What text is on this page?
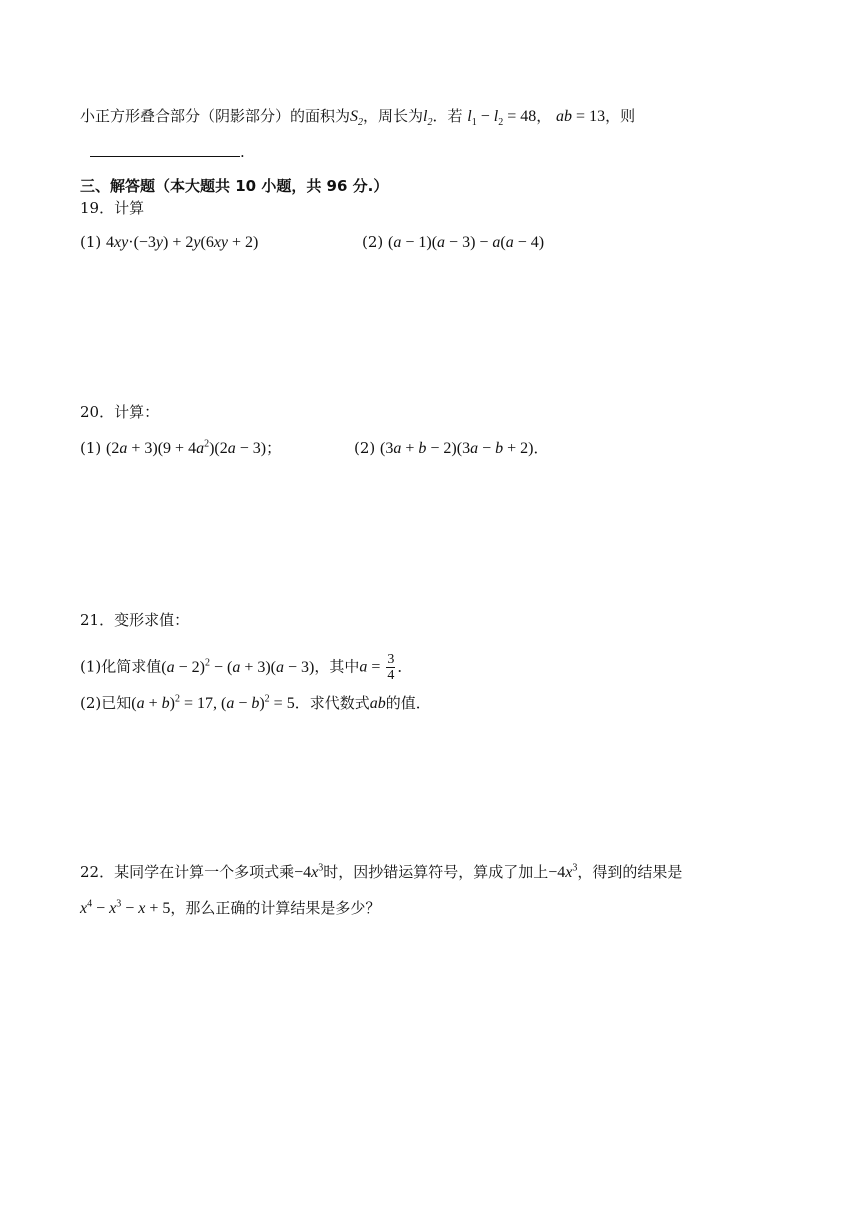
小正方形叠合部分（阴影部分）的面积为$S_2$，周长为$l_2$．若 $l_1 - l_2 = 48$， ab = 13，则
.
三、解答题（本大题共 10 小题，共 96 分.）
19．计算
(1) 4xy·(−3y) + 2y(6xy + 2)	(2) (a − 1)(a − 3) − a(a − 4)
20．计算：
(1) $(2a + 3)(9 + 4a^2)(2a - 3)$；	(2) (3a + b − 2)(3a − b + 2)．
21．变形求值：
(1)化简求值$(a - 2)^2 - (a + 3)(a - 3)$，其中$a = \frac{3}{4}$ ．
(2)已知$(a + b)^2 = 17$, $(a - b)^2 = 5$．求代数式ab的值．
22．某同学在计算一个多项式乘$-4x^3$时，因抄错运算符号，算成了加上$-4x^3$，得到的结果是
$x^4 - x^3 - x + 5$，那么正确的计算结果是多少？
